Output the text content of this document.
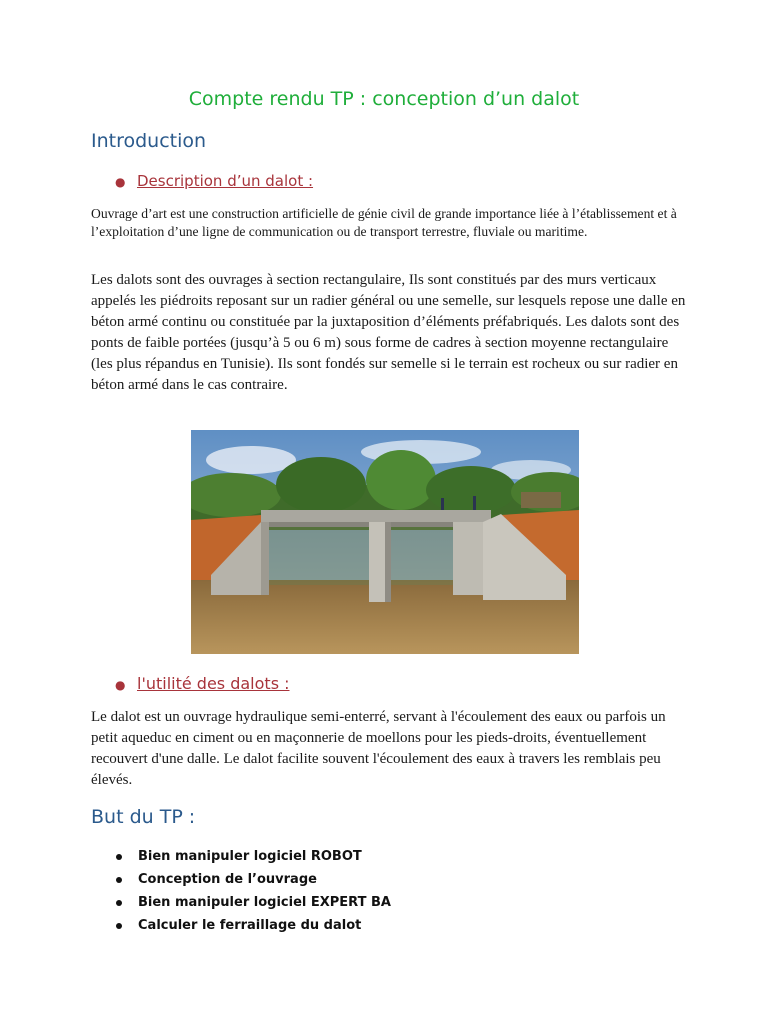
Compte rendu TP : conception d’un dalot
Introduction
● Description d’un dalot :
Ouvrage d’art est une construction artificielle de génie civil de grande importance liée à l’établissement et à l’exploitation d’une ligne de communication ou de transport terrestre, fluviale ou maritime.
Les dalots sont des ouvrages à section rectangulaire, Ils sont constitués par des murs verticaux appelés les piédroits reposant sur un radier général ou une semelle, sur lesquels repose une dalle en béton armé continu ou constituée par la juxtaposition d’éléments préfabriqués. Les dalots sont des ponts de faible portées (jusqu’à 5 ou 6 m) sous forme de cadres à section moyenne rectangulaire (les plus répandus en Tunisie). Ils sont fondés sur semelle si le terrain est rocheux ou sur radier en béton armé dans le cas contraire.
● l'utilité des dalots :
Le dalot est un ouvrage hydraulique semi-enterré, servant à l'écoulement des eaux ou parfois un petit aqueduc en ciment ou en maçonnerie de moellons pour les pieds-droits, éventuellement recouvert d'une dalle. Le dalot facilite souvent l'écoulement des eaux à travers les remblais peu élevés.
But du TP :
Bien manipuler logiciel ROBOT
Conception de l’ouvrage
Bien manipuler logiciel EXPERT BA
Calculer le ferraillage du dalot
